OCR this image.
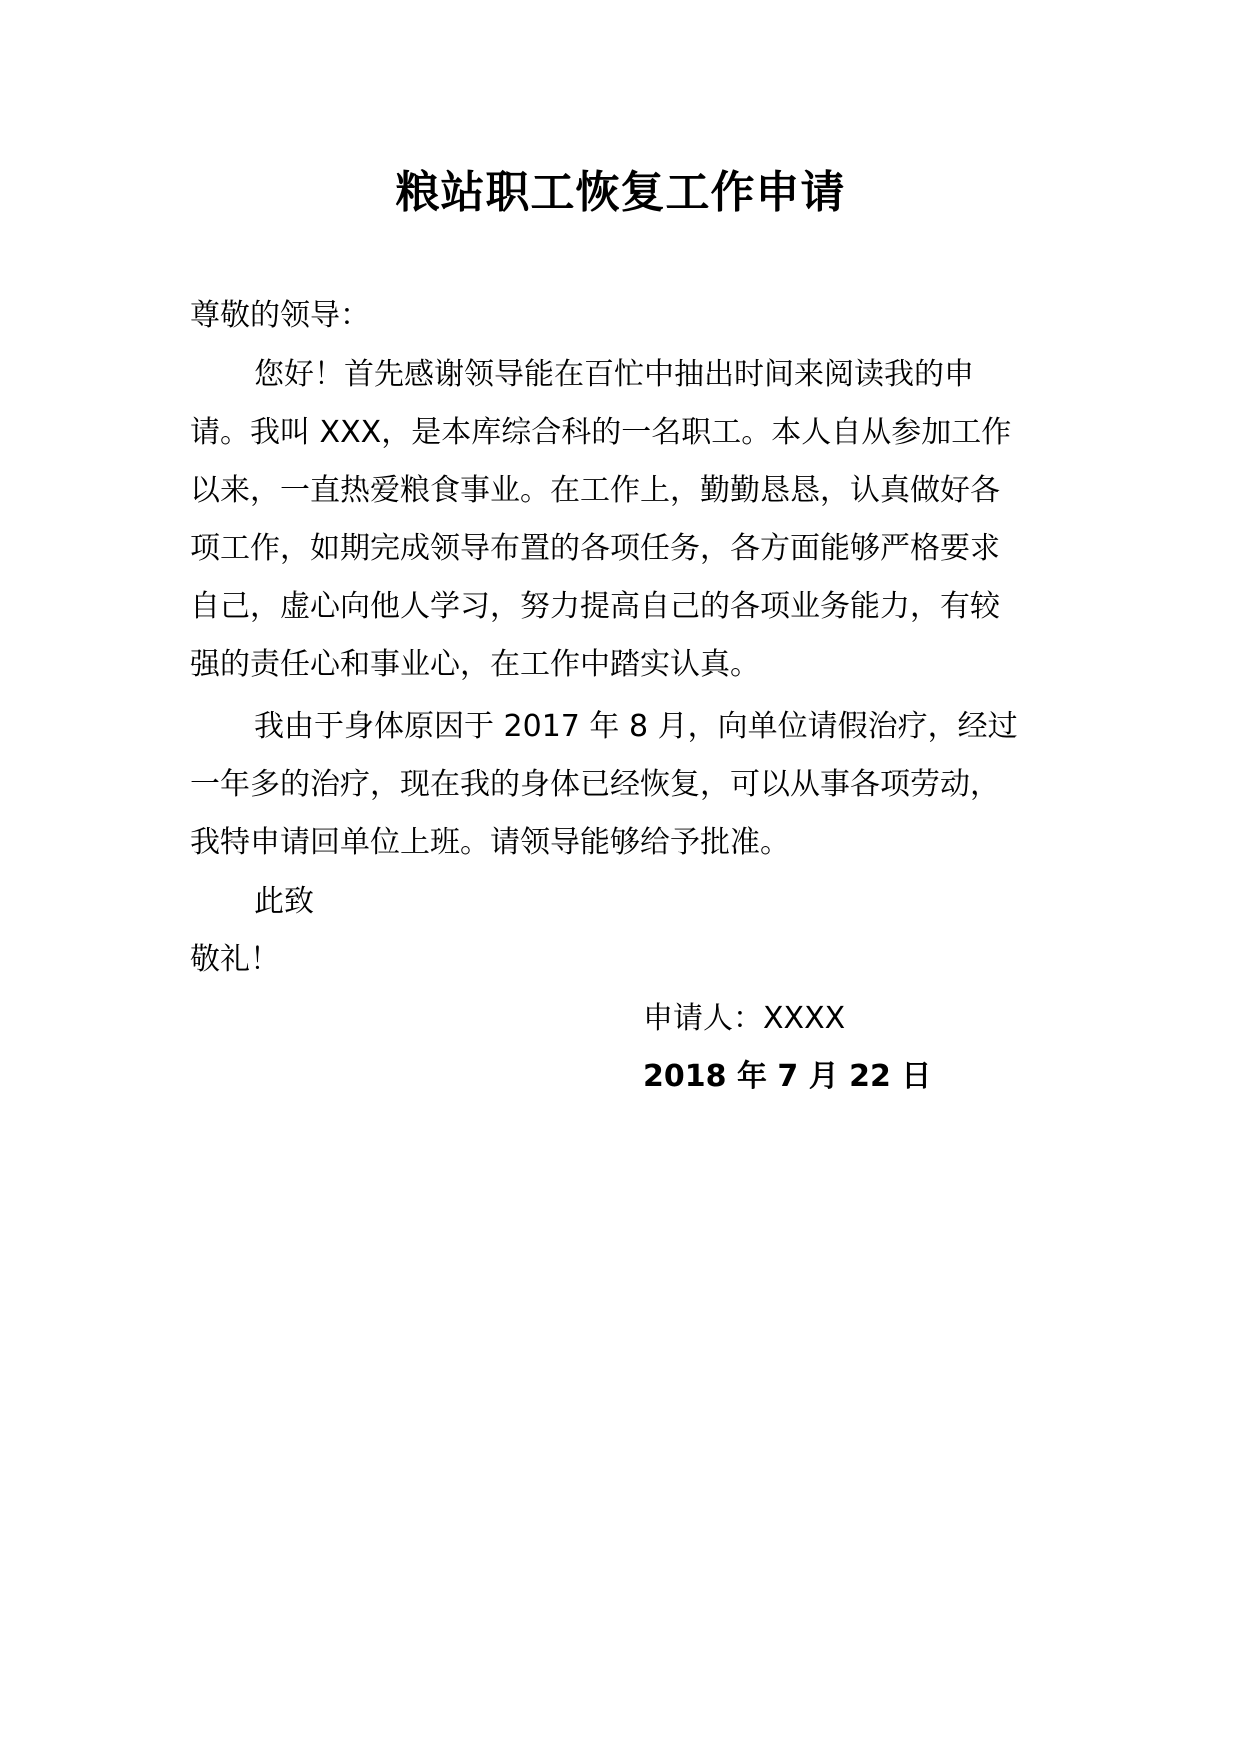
粮站职工恢复工作申请
尊敬的领导：
您好！首先感谢领导能在百忙中抽出时间来阅读我的申
请。我叫 XXX，是本库综合科的一名职工。本人自从参加工作
以来，一直热爱粮食事业。在工作上，勤勤恳恳，认真做好各
项工作，如期完成领导布置的各项任务，各方面能够严格要求
自己，虚心向他人学习，努力提高自己的各项业务能力，有较
强的责任心和事业心，在工作中踏实认真。
我由于身体原因于 2017 年 8 月，向单位请假治疗，经过
一年多的治疗，现在我的身体已经恢复，可以从事各项劳动，
我特申请回单位上班。请领导能够给予批准。
此致
敬礼！
申请人：XXXX
2018 年 7 月 22 日
